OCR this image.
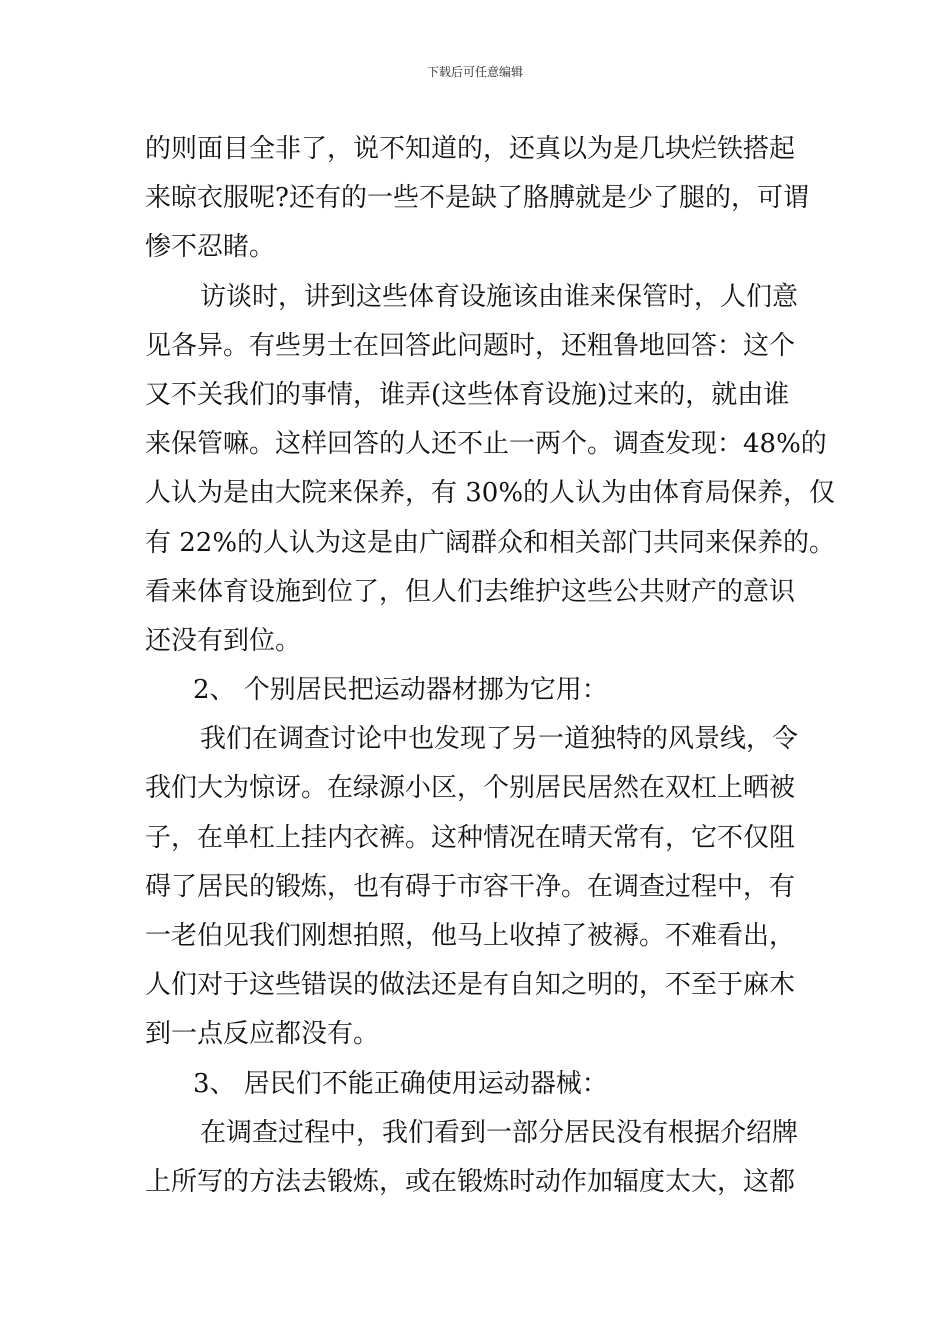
下载后可任意编辑
的则面目全非了，说不知道的，还真以为是几块烂铁搭起
来晾衣服呢?还有的一些不是缺了胳膊就是少了腿的，可谓
惨不忍睹。
访谈时，讲到这些体育设施该由谁来保管时，人们意
见各异。有些男士在回答此问题时，还粗鲁地回答：这个
又不关我们的事情，谁弄(这些体育设施)过来的，就由谁
来保管嘛。这样回答的人还不止一两个。调查发现：48%的
人认为是由大院来保养，有 30%的人认为由体育局保养，仅
有 22%的人认为这是由广阔群众和相关部门共同来保养的。
看来体育设施到位了，但人们去维护这些公共财产的意识
还没有到位。
2、 个别居民把运动器材挪为它用：
我们在调查讨论中也发现了另一道独特的风景线，令
我们大为惊讶。在绿源小区，个别居民居然在双杠上晒被
子，在单杠上挂内衣裤。这种情况在晴天常有，它不仅阻
碍了居民的锻炼，也有碍于市容干净。在调查过程中，有
一老伯见我们刚想拍照，他马上收掉了被褥。不难看出，
人们对于这些错误的做法还是有自知之明的，不至于麻木
到一点反应都没有。
3、 居民们不能正确使用运动器械：
在调查过程中，我们看到一部分居民没有根据介绍牌
上所写的方法去锻炼，或在锻炼时动作加辐度太大，这都
